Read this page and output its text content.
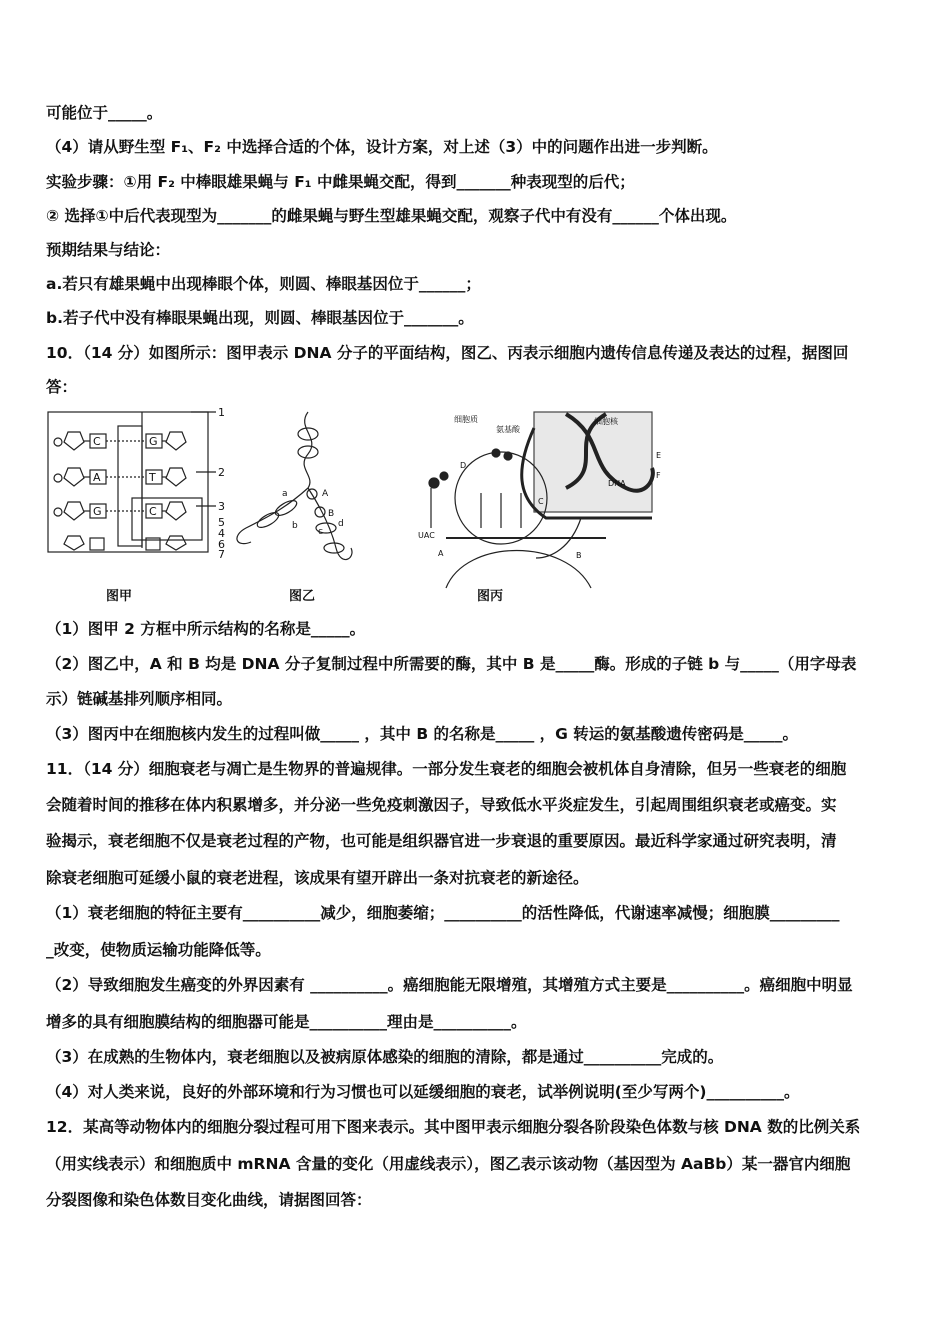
可能位于_____。
（4）请从野生型 F₁、F₂ 中选择合适的个体，设计方案，对上述（3）中的问题作出进一步判断。
实验步骤：①用 F₂ 中棒眼雄果蝇与 F₁ 中雌果蝇交配，得到_______种表现型的后代；
② 选择①中后代表现型为_______的雌果蝇与野生型雄果蝇交配，观察子代中有没有______个体出现。
预期结果与结论：
a.若只有雄果蝇中出现棒眼个体，则圆、棒眼基因位于______；
b.若子代中没有棒眼果蝇出现，则圆、棒眼基因位于_______。
10．（14 分）如图所示：图甲表示 DNA 分子的平面结构，图乙、丙表示细胞内遗传信息传递及表达的过程，据图回
答：
C
A
G
G
T
C
1
2
3
5
4
6
7
A
B
a
b
c
d
细胞质
氨基酸
细胞核
DNA
D
C
A	B
E
F
UAC
图甲	图乙	图丙
（1）图甲 2 方框中所示结构的名称是_____。
（2）图乙中，A 和 B 均是 DNA 分子复制过程中所需要的酶，其中 B 是_____酶。形成的子链 b 与_____（用字母表
示）链碱基排列顺序相同。
（3）图丙中在细胞核内发生的过程叫做_____ ，其中 B 的名称是_____ ，G 转运的氨基酸遗传密码是_____。
11．（14 分）细胞衰老与凋亡是生物界的普遍规律。一部分发生衰老的细胞会被机体自身清除，但另一些衰老的细胞
会随着时间的推移在体内积累增多，并分泌一些免疫刺激因子，导致低水平炎症发生，引起周围组织衰老或癌变。实
验揭示，衰老细胞不仅是衰老过程的产物，也可能是组织器官进一步衰退的重要原因。最近科学家通过研究表明，清
除衰老细胞可延缓小鼠的衰老进程，该成果有望开辟出一条对抗衰老的新途径。
（1）衰老细胞的特征主要有__________减少，细胞萎缩；__________的活性降低，代谢速率减慢；细胞膜_________
_改变，使物质运输功能降低等。
（2）导致细胞发生癌变的外界因素有 __________。癌细胞能无限增殖，其增殖方式主要是__________。癌细胞中明显
增多的具有细胞膜结构的细胞器可能是__________理由是__________。
（3）在成熟的生物体内，衰老细胞以及被病原体感染的细胞的清除，都是通过__________完成的。
（4）对人类来说，良好的外部环境和行为习惯也可以延缓细胞的衰老，试举例说明(至少写两个)__________。
12．某高等动物体内的细胞分裂过程可用下图来表示。其中图甲表示细胞分裂各阶段染色体数与核 DNA 数的比例关系
（用实线表示）和细胞质中 mRNA 含量的变化（用虚线表示），图乙表示该动物（基因型为 AaBb）某一器官内细胞
分裂图像和染色体数目变化曲线，请据图回答：
